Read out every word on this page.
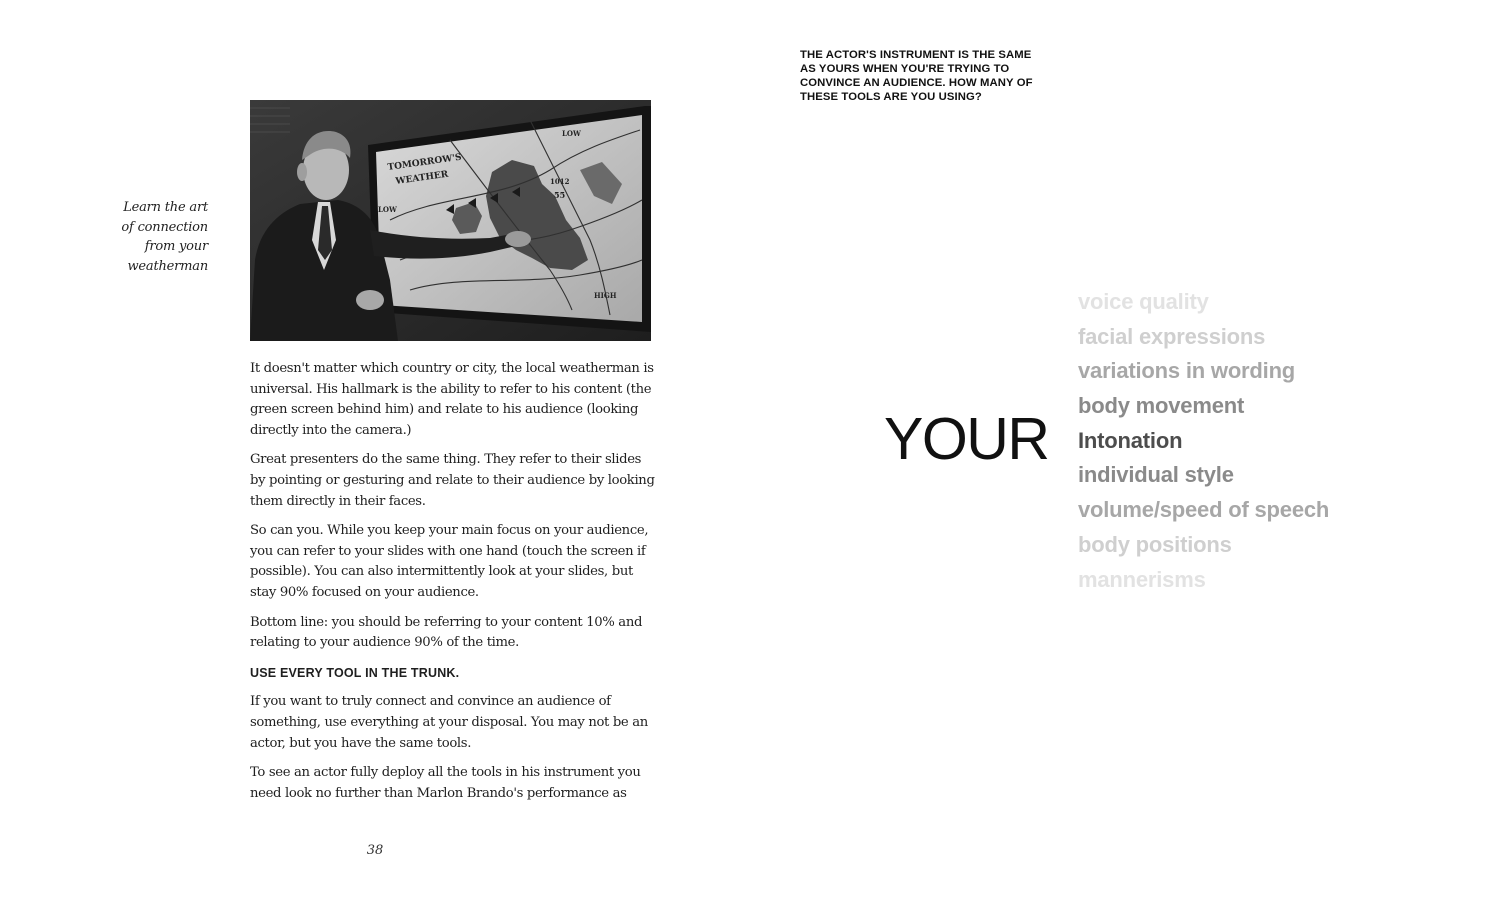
Learn the art
of connection
from your
weatherman
TOMORROW'S
WEATHER
LOW
LOW
1012
55
HIGH

It doesn't matter which country or city, the local weatherman is universal. His hallmark is the ability to refer to his content (the green screen behind him) and relate to his audience (looking directly into the camera.)

Great presenters do the same thing. They refer to their slides by pointing or gesturing and relate to their audience by looking them directly in their faces.

So can you. While you keep your main focus on your audience, you can refer to your slides with one hand (touch the screen if possible). You can also intermittently look at your slides, but stay 90% focused on your audience.

Bottom line: you should be referring to your content 10% and relating to your audience 90% of the time.

USE EVERY TOOL IN THE TRUNK.

If you want to truly connect and convince an audience of something, use everything at your disposal. You may not be an actor, but you have the same tools.

To see an actor fully deploy all the tools in his instrument you need look no further than Marlon Brando's performance as

38
THE ACTOR'S INSTRUMENT IS THE SAME
AS YOURS WHEN YOU'RE TRYING TO
CONVINCE AN AUDIENCE. HOW MANY OF
THESE TOOLS ARE YOU USING?
YOUR
voice quality
facial expressions
variations in wording
body movement
Intonation
individual style
volume/speed of speech
body positions
mannerisms
